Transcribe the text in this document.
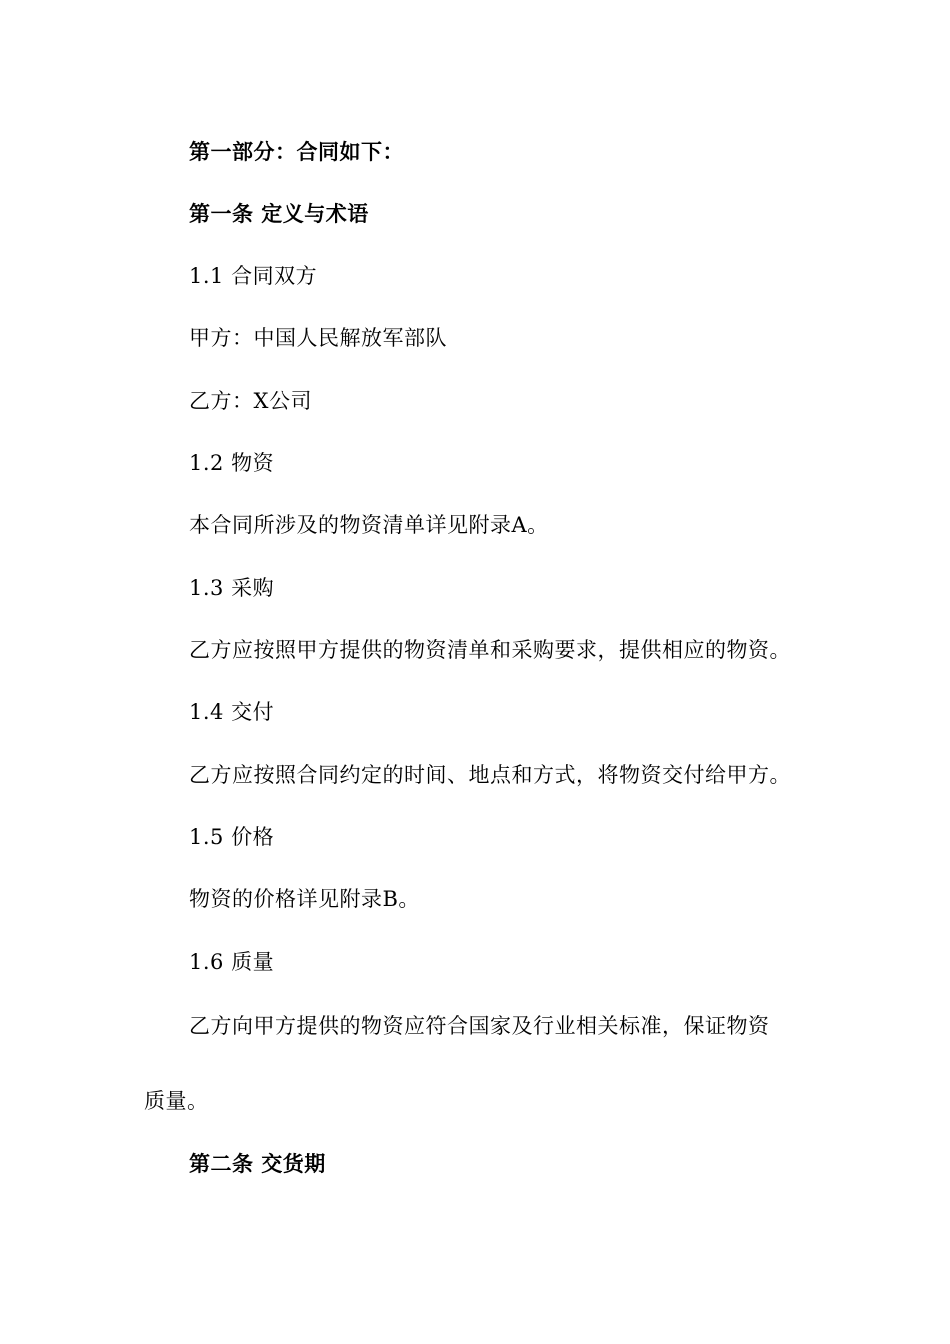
第一部分：合同如下：
第一条 定义与术语
1.1 合同双方
甲方：中国人民解放军部队
乙方：X公司
1.2 物资
本合同所涉及的物资清单详见附录A。
1.3 采购
乙方应按照甲方提供的物资清单和采购要求，提供相应的物资。
1.4 交付
乙方应按照合同约定的时间、地点和方式，将物资交付给甲方。
1.5 价格
物资的价格详见附录B。
1.6 质量
乙方向甲方提供的物资应符合国家及行业相关标准，保证物资
质量。
第二条 交货期
